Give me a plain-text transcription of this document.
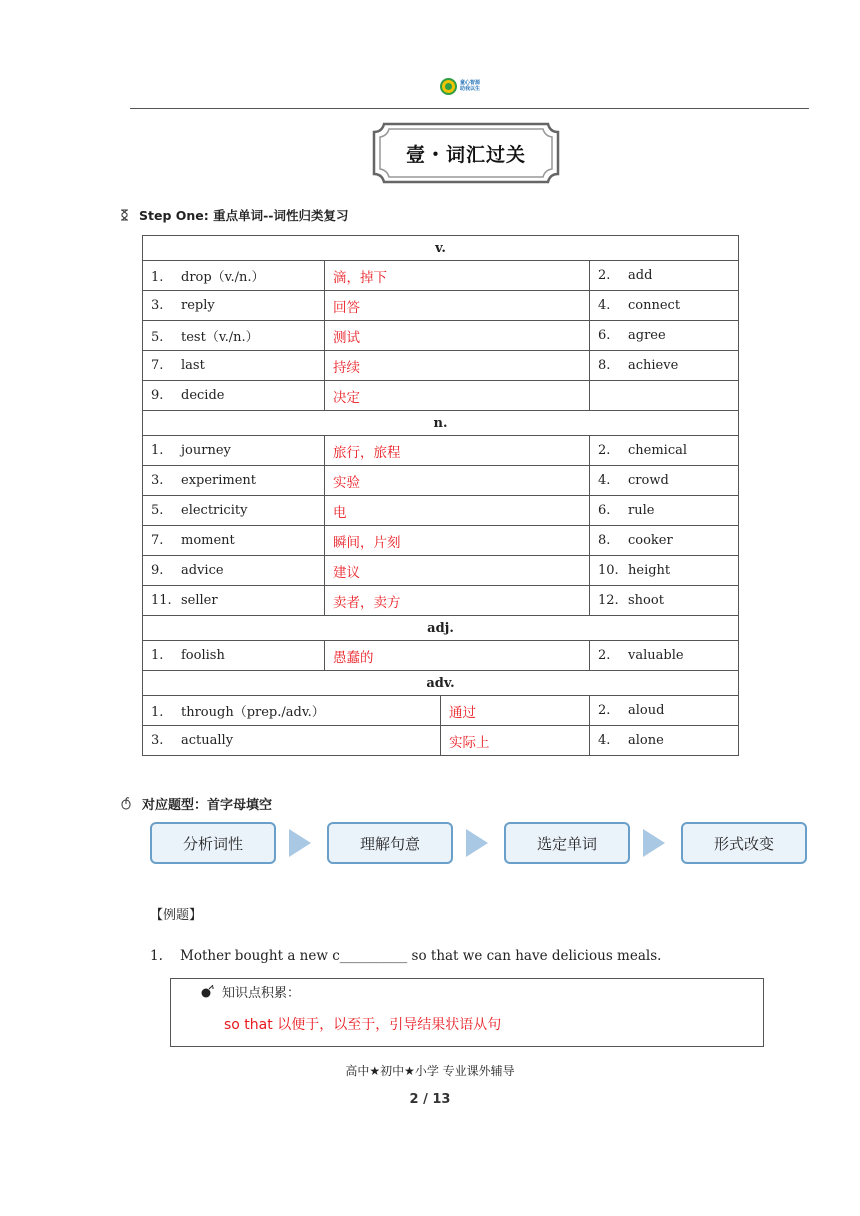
童心智源
助我以生
壹・词汇过关
Step One: 重点单词--词性归类复习
v.				
1. drop（v./n.）	滴，掉下		2. add	
3. reply	回答		4. connect	
5. test（v./n.）	测试		6. agree	
7. last	持续		8. achieve	
9. decide	决定			
n.				
1. journey	旅行，旅程		2. chemical	
3. experiment	实验		4. crowd	
5. electricity	电		6. rule	
7. moment	瞬间，片刻		8. cooker	
9. advice	建议		10. height	
11. seller	卖者，卖方		12. shoot	
adj.				
1. foolish	愚蠢的		2. valuable	
adv.				
1. through（prep./adv.）		通过	2. aloud	
3. actually		实际上	4. alone	
对应题型：首字母填空
分析词性	理解句意	选定单词	形式改变
【例题】
1. Mother bought a new c__________ so that we can have delicious meals.
知识点积累：
so that 以便于，以至于，引导结果状语从句
高中★初中★小学 专业课外辅导
2 / 13
